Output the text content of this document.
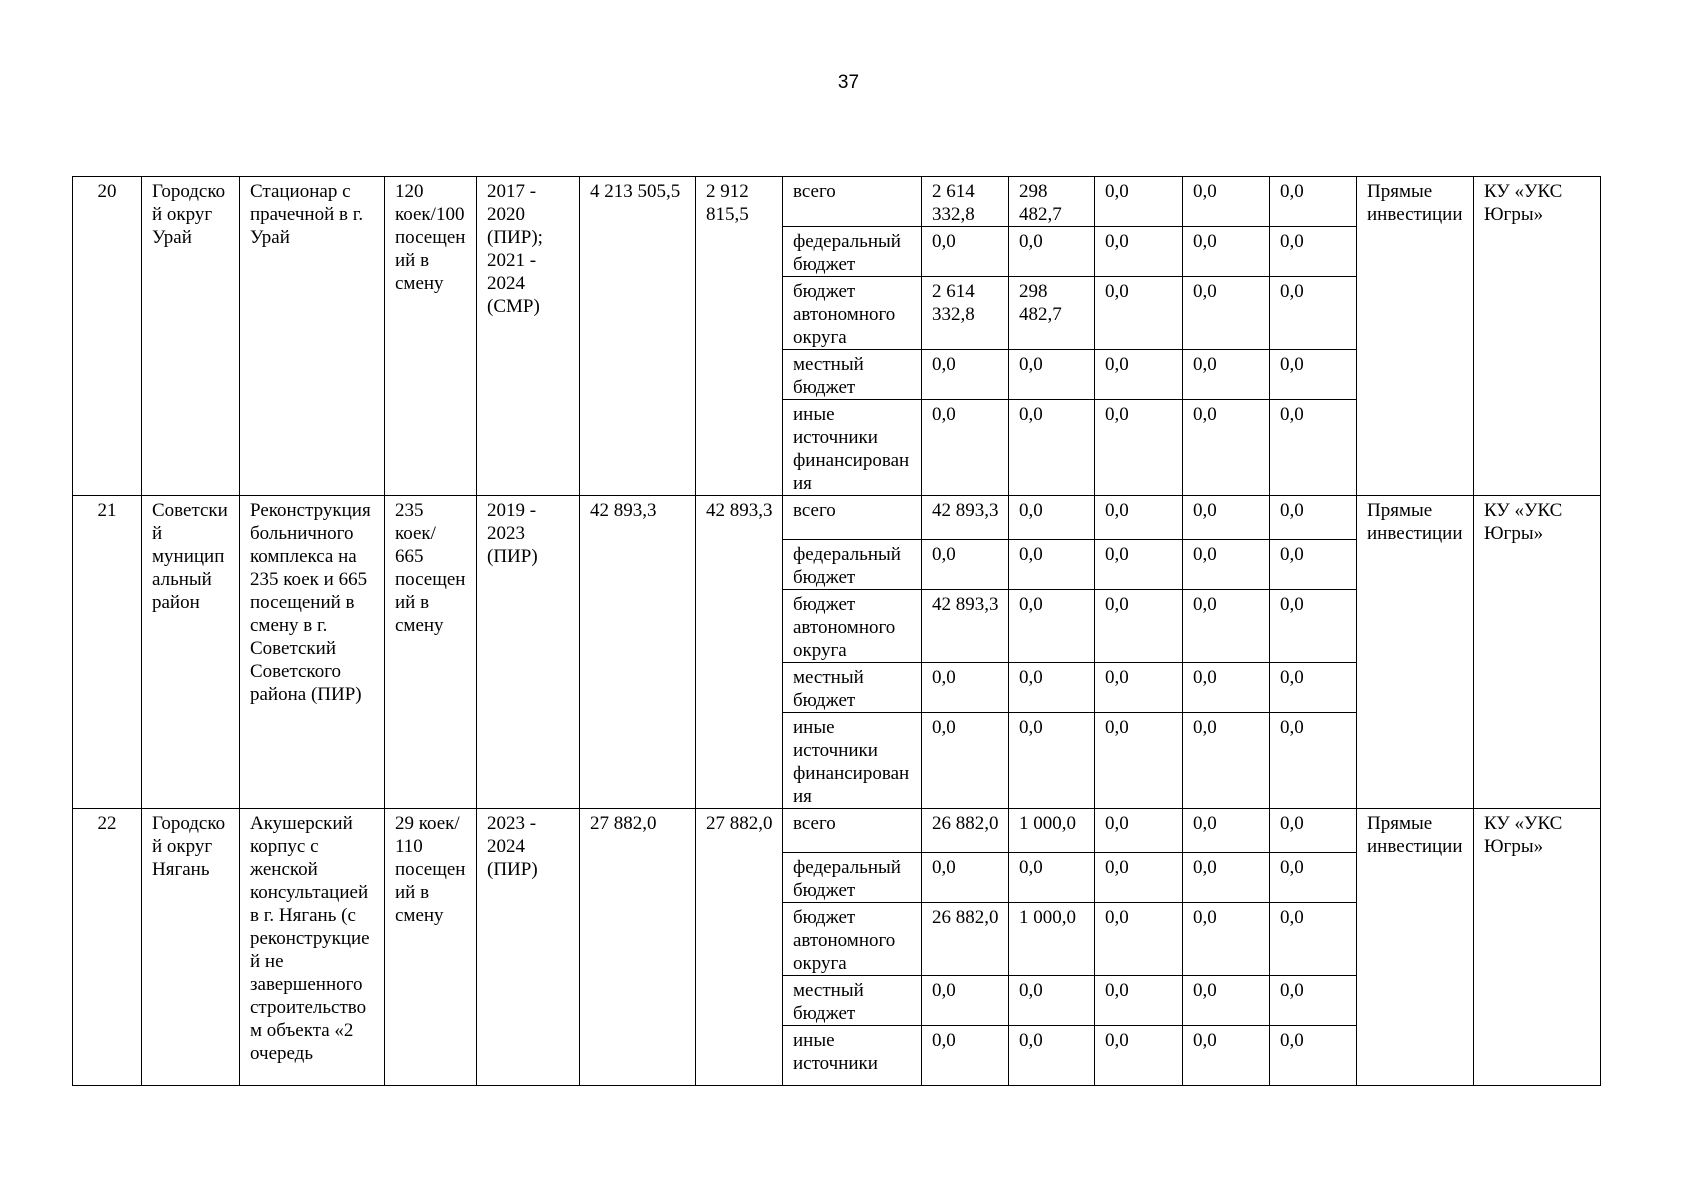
37
20	Городской округ Урай	Стационар с прачечной в г. Урай	120 коек/100 посещений в смену	2017 - 2020 (ПИР); 2021 - 2024 (СМР)	4 213 505,5	2 912 815,5	всего	2 614 332,8	298 482,7	0,0	0,0	0,0	Прямые инвестиции	КУ «УКС Югры»
							федеральный бюджет	0,0	0,0	0,0	0,0	0,0		
							бюджет автономного округа	2 614 332,8	298 482,7	0,0	0,0	0,0		
							местный бюджет	0,0	0,0	0,0	0,0	0,0		
							иные источники финансирования	0,0	0,0	0,0	0,0	0,0		
21	Советский муниципальный район	Реконструкция больничного комплекса на 235 коек и 665 посещений в смену в г. Советский Советского района (ПИР)	235 коек/ 665 посещений в смену	2019 - 2023 (ПИР)	42 893,3	42 893,3	всего	42 893,3	0,0	0,0	0,0	0,0	Прямые инвестиции	КУ «УКС Югры»
							федеральный бюджет	0,0	0,0	0,0	0,0	0,0		
							бюджет автономного округа	42 893,3	0,0	0,0	0,0	0,0		
							местный бюджет	0,0	0,0	0,0	0,0	0,0		
							иные источники финансирования	0,0	0,0	0,0	0,0	0,0		
22	Городской округ Нягань	Акушерский корпус с женской консультацией в г. Нягань (с реконструкцией не завершенного строительством объекта «2 очередь	29 коек/ 110 посещений в смену	2023 - 2024 (ПИР)	27 882,0	27 882,0	всего	26 882,0	1 000,0	0,0	0,0	0,0	Прямые инвестиции	КУ «УКС Югры»
							федеральный бюджет	0,0	0,0	0,0	0,0	0,0		
							бюджет автономного округа	26 882,0	1 000,0	0,0	0,0	0,0		
							местный бюджет	0,0	0,0	0,0	0,0	0,0		
							иные источники	0,0	0,0	0,0	0,0	0,0		
